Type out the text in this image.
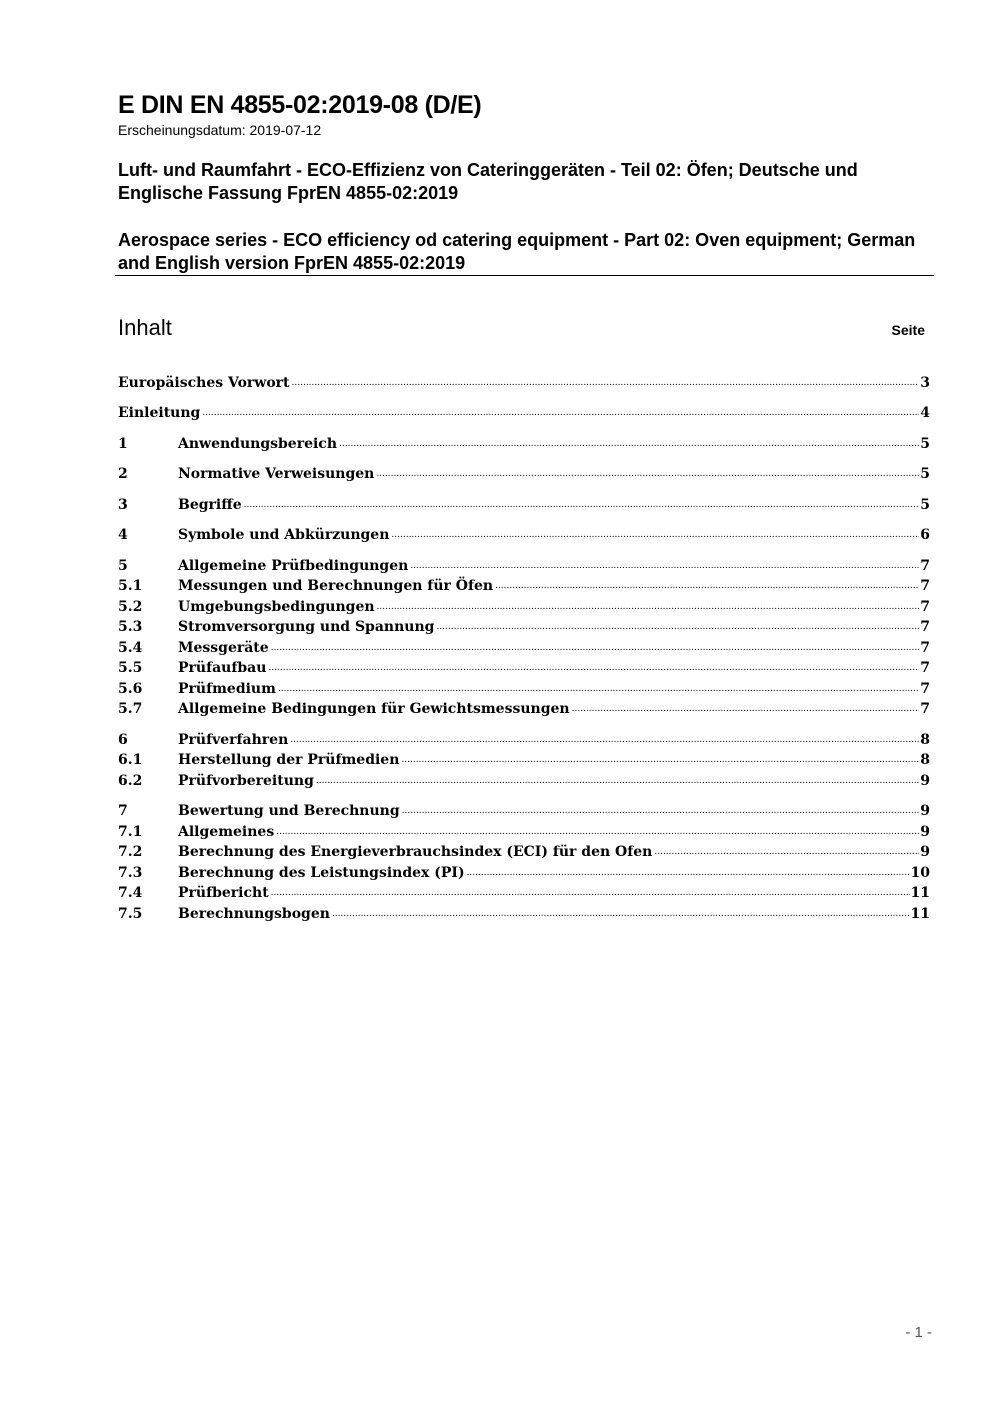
E DIN EN 4855-02:2019-08 (D/E)
Erscheinungsdatum: 2019-07-12
Luft- und Raumfahrt - ECO-Effizienz von Cateringgeräten - Teil 02: Öfen; Deutsche und Englische Fassung FprEN 4855-02:2019
Aerospace series - ECO efficiency od catering equipment - Part 02: Oven equipment; German and English version FprEN 4855-02:2019
Inhalt	Seite
Europäisches Vorwort .....	3
Einleitung .....	4
1	Anwendungsbereich .....	5
2	Normative Verweisungen .....	5
3	Begriffe .....	5
4	Symbole und Abkürzungen .....	6
5	Allgemeine Prüfbedingungen .....	7
5.1	Messungen und Berechnungen für Öfen .....	7
5.2	Umgebungsbedingungen .....	7
5.3	Stromversorgung und Spannung .....	7
5.4	Messgeräte .....	7
5.5	Prüfaufbau .....	7
5.6	Prüfmedium .....	7
5.7	Allgemeine Bedingungen für Gewichtsmessungen .....	7
6	Prüfverfahren .....	8
6.1	Herstellung der Prüfmedien .....	8
6.2	Prüfvorbereitung .....	9
7	Bewertung und Berechnung .....	9
7.1	Allgemeines .....	9
7.2	Berechnung des Energieverbrauchsindex (ECI) für den Ofen .....	9
7.3	Berechnung des Leistungsindex (PI) .....	10
7.4	Prüfbericht .....	11
7.5	Berechnungsbogen .....	11
- 1 -
